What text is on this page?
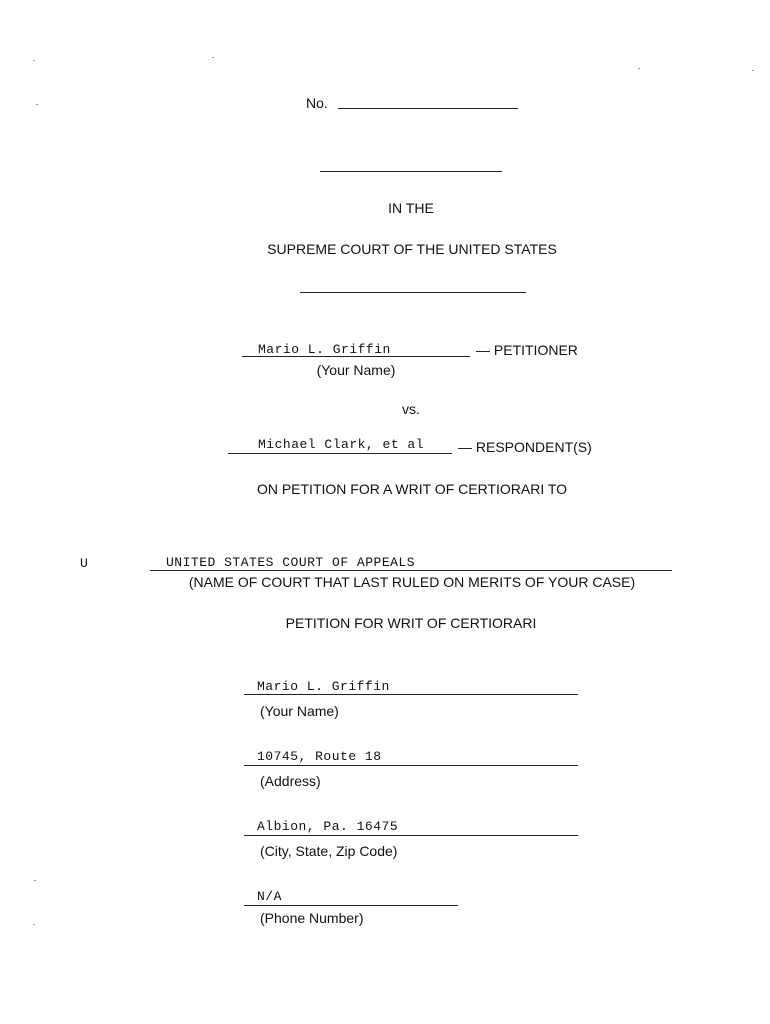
No.
IN THE
SUPREME COURT OF THE UNITED STATES
Mario L. Griffin	— PETITIONER
(Your Name)
vs.
Michael Clark, et al — RESPONDENT(S)
ON PETITION FOR A WRIT OF CERTIORARI TO
U	UNITED STATES COURT OF APPEALS
(NAME OF COURT THAT LAST RULED ON MERITS OF YOUR CASE)
PETITION FOR WRIT OF CERTIORARI
Mario L. Griffin
(Your Name)
10745, Route 18
(Address)
Albion, Pa. 16475
(City, State, Zip Code)
N/A
(Phone Number)
